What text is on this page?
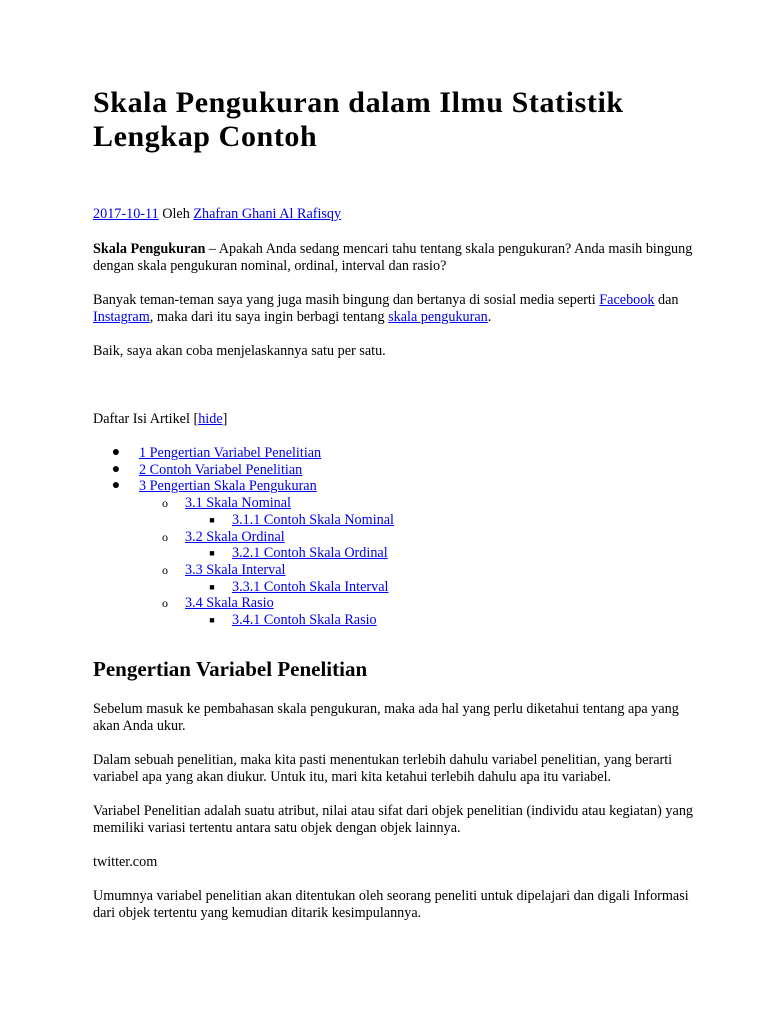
Skala Pengukuran dalam Ilmu Statistik
Lengkap Contoh

2017-10-11 Oleh Zhafran Ghani Al Rafisqy

Skala Pengukuran – Apakah Anda sedang mencari tahu tentang skala pengukuran? Anda masih bingung dengan skala pengukuran nominal, ordinal, interval dan rasio?

Banyak teman-teman saya yang juga masih bingung dan bertanya di sosial media seperti Facebook dan Instagram, maka dari itu saya ingin berbagi tentang skala pengukuran.

Baik, saya akan coba menjelaskannya satu per satu.

Daftar Isi Artikel [hide]

● 1 Pengertian Variabel Penelitian
● 2 Contoh Variabel Penelitian
● 3 Pengertian Skala Pengukuran
o 3.1 Skala Nominal
■ 3.1.1 Contoh Skala Nominal
o 3.2 Skala Ordinal
■ 3.2.1 Contoh Skala Ordinal
o 3.3 Skala Interval
■ 3.3.1 Contoh Skala Interval
o 3.4 Skala Rasio
■ 3.4.1 Contoh Skala Rasio
Pengertian Variabel Penelitian

Sebelum masuk ke pembahasan skala pengukuran, maka ada hal yang perlu diketahui tentang apa yang akan Anda ukur.

Dalam sebuah penelitian, maka kita pasti menentukan terlebih dahulu variabel penelitian, yang berarti variabel apa yang akan diukur. Untuk itu, mari kita ketahui terlebih dahulu apa itu variabel.

Variabel Penelitian adalah suatu atribut, nilai atau sifat dari objek penelitian (individu atau kegiatan) yang memiliki variasi tertentu antara satu objek dengan objek lainnya.

twitter.com

Umumnya variabel penelitian akan ditentukan oleh seorang peneliti untuk dipelajari dan digali Informasi dari objek tertentu yang kemudian ditarik kesimpulannya.
